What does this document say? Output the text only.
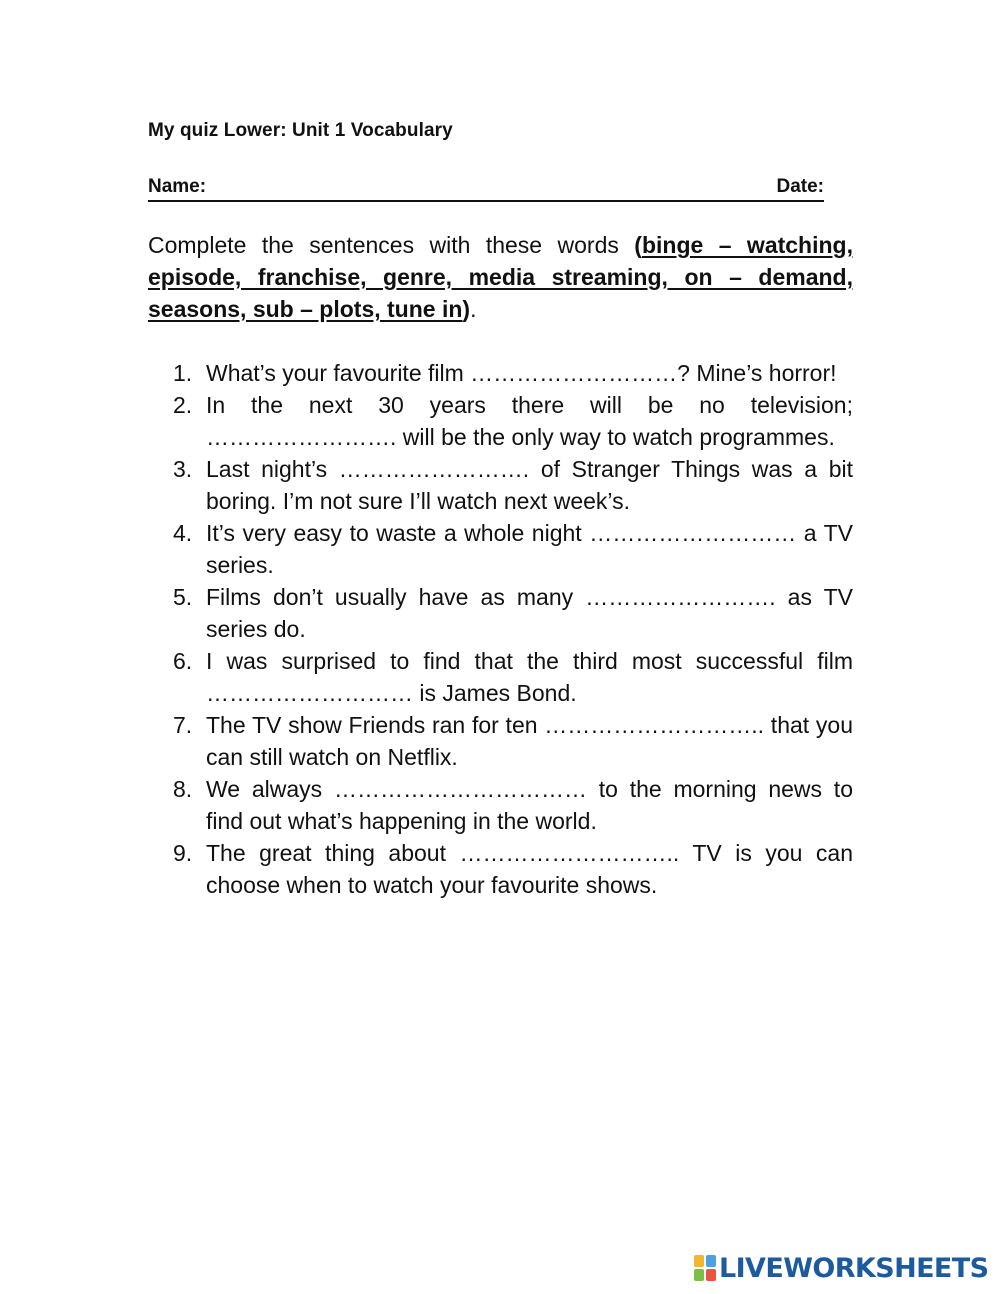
My quiz Lower: Unit 1 Vocabulary
Name:	Date:
Complete the sentences with these words (binge – watching, episode, franchise, genre, media streaming, on – demand, seasons, sub – plots, tune in).
1. What’s your favourite film ………………………? Mine’s horror!
2. In the next 30 years there will be no television; ……………………. will be the only way to watch programmes.
3. Last night’s ……………………. of Stranger Things was a bit boring. I’m not sure I’ll watch next week’s.
4. It’s very easy to waste a whole night ……………………… a TV series.
5. Films don’t usually have as many ……………………. as TV series do.
6. I was surprised to find that the third most successful film ……………………… is James Bond.
7. The TV show Friends ran for ten ……………………….. that you can still watch on Netflix.
8. We always …………………………… to the morning news to find out what’s happening in the world.
9. The great thing about ……………………….. TV is you can choose when to watch your favourite shows.
LIVEWORKSHEETS
